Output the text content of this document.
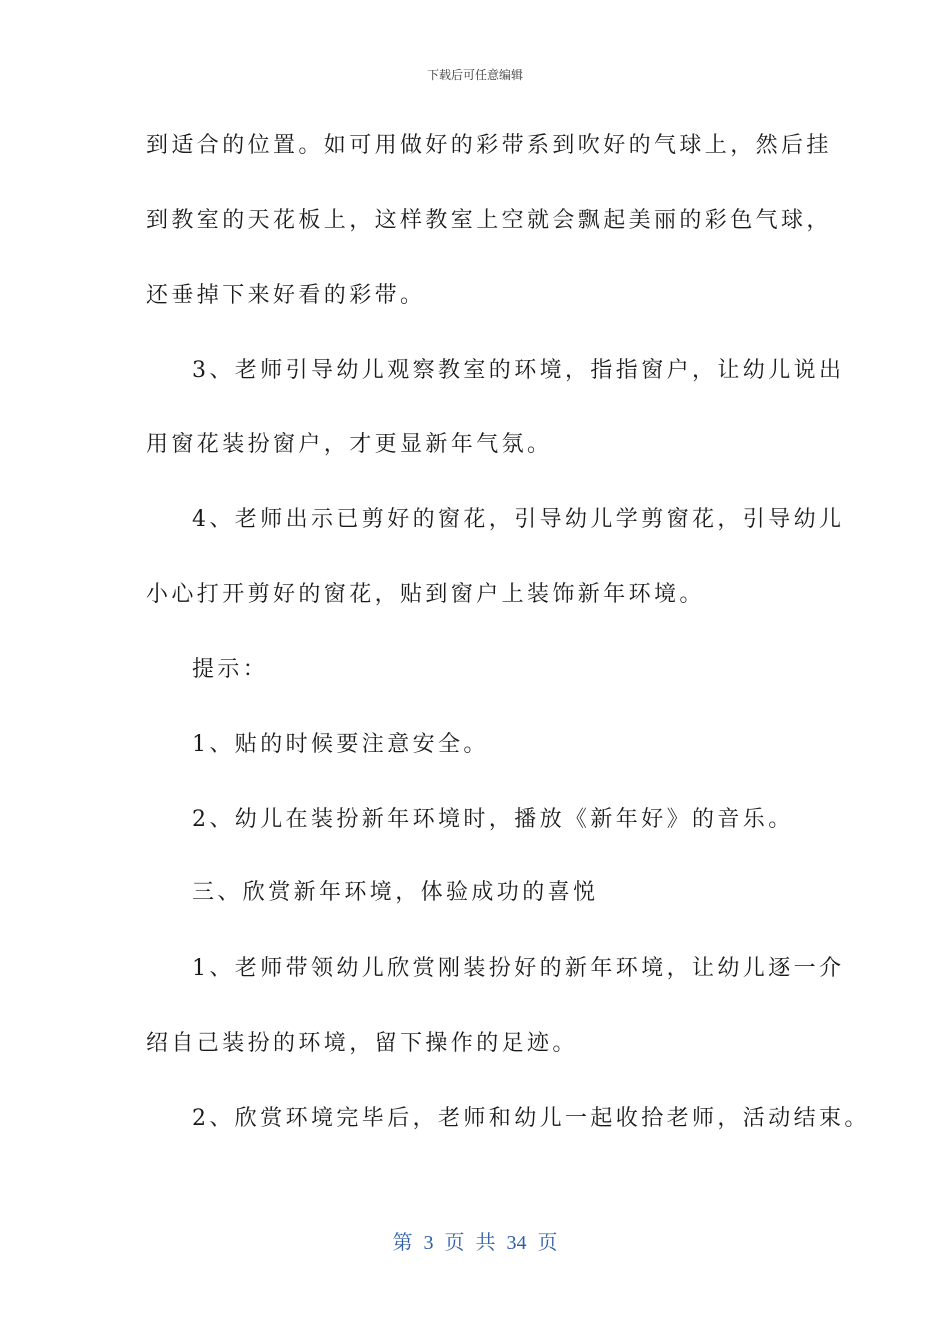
下载后可任意编辑
到适合的位置。如可用做好的彩带系到吹好的气球上，然后挂
到教室的天花板上，这样教室上空就会飘起美丽的彩色气球，
还垂掉下来好看的彩带。
3、老师引导幼儿观察教室的环境，指指窗户，让幼儿说出
用窗花装扮窗户，才更显新年气氛。
4、老师出示已剪好的窗花，引导幼儿学剪窗花，引导幼儿
小心打开剪好的窗花，贴到窗户上装饰新年环境。
提示：
1、贴的时候要注意安全。
2、幼儿在装扮新年环境时，播放《新年好》的音乐。
三、欣赏新年环境，体验成功的喜悦
1、老师带领幼儿欣赏刚装扮好的新年环境，让幼儿逐一介
绍自己装扮的环境，留下操作的足迹。
2、欣赏环境完毕后，老师和幼儿一起收拾老师，活动结束。
第 3 页 共 34 页
